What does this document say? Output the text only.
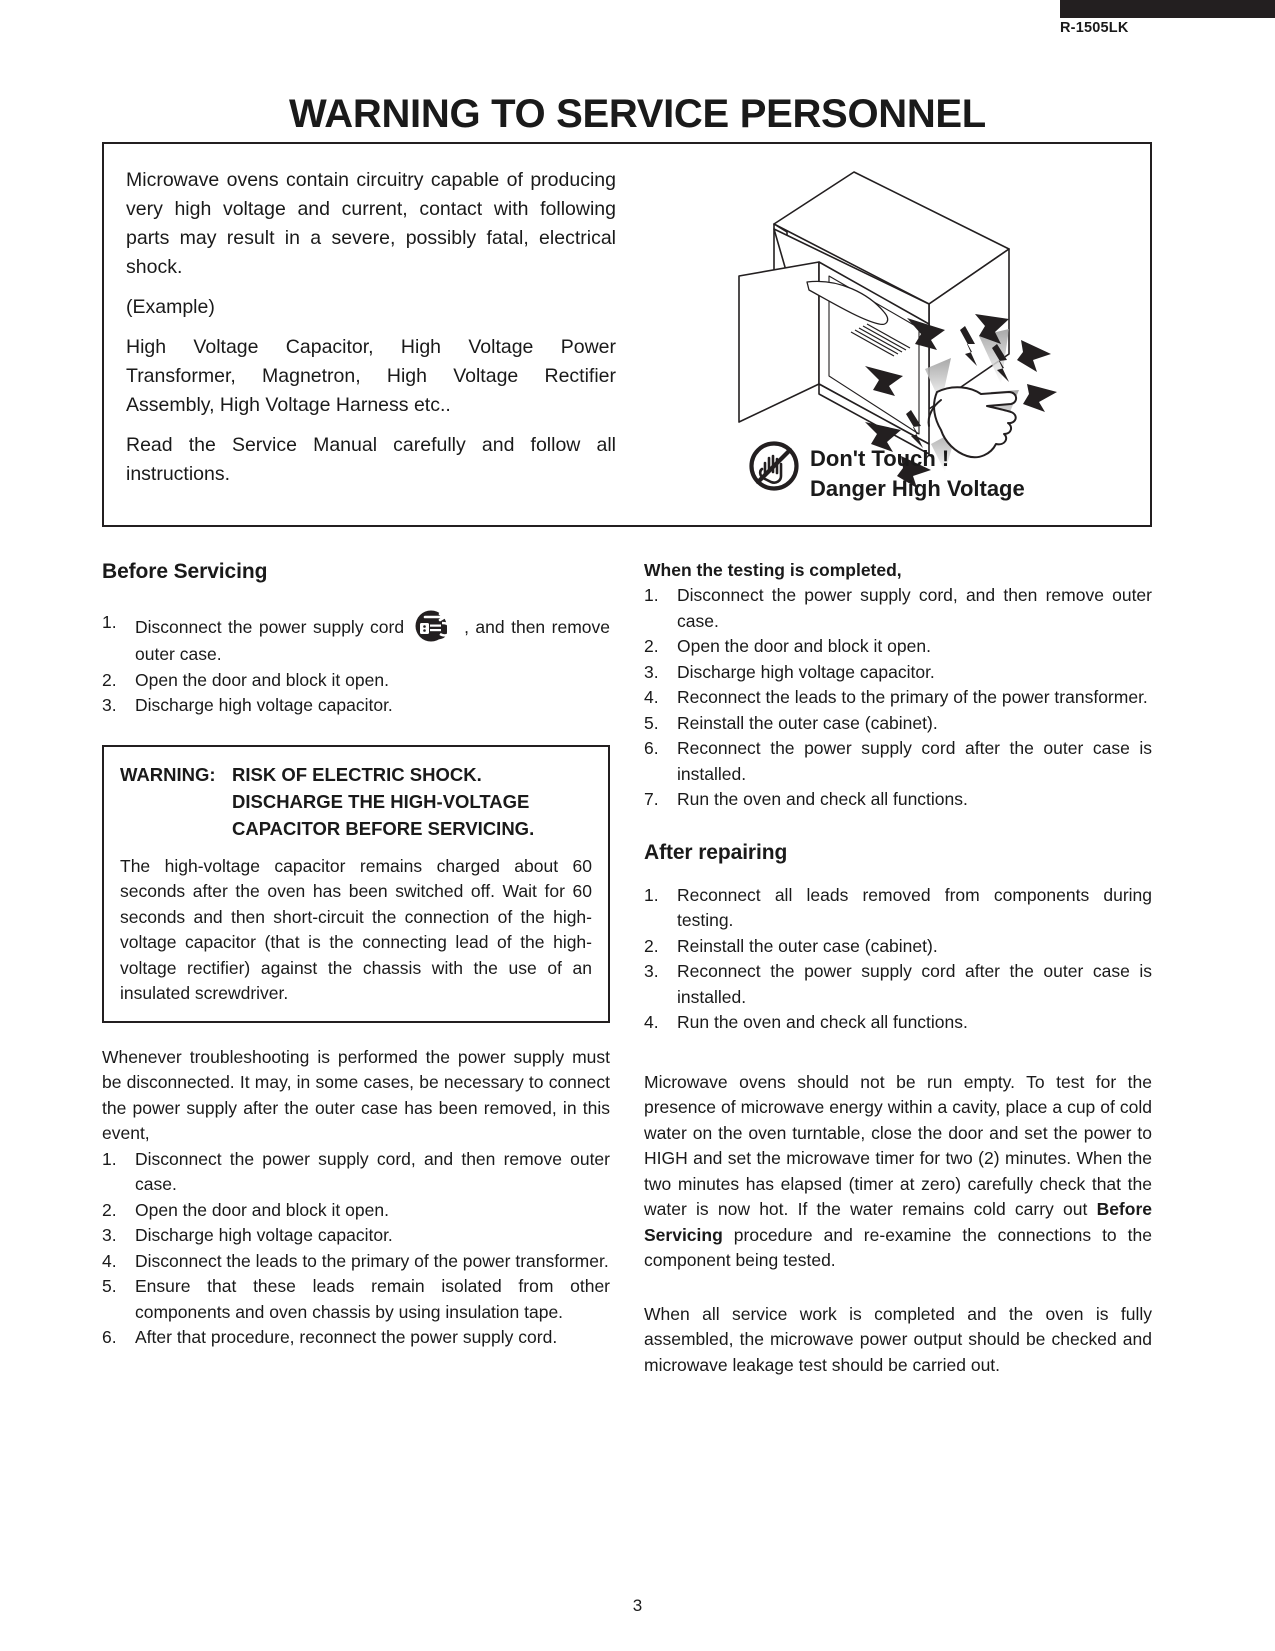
R-1505LK
WARNING TO SERVICE PERSONNEL

Microwave ovens contain circuitry capable of producing very high voltage and current, contact with following parts may result in a severe, possibly fatal, electrical shock.

(Example)

High Voltage Capacitor, High Voltage Power Transformer, Magnetron, High Voltage Rectifier Assembly, High Voltage Harness etc..

Read the Service Manual carefully and follow all instructions.

Don't Touch !
Danger High Voltage
Before Servicing
1. Disconnect the power supply cord	, and then remove outer case.
2. Open the door and block it open.
3. Discharge high voltage capacitor.
WARNING: RISK OF ELECTRIC SHOCK.
DISCHARGE THE HIGH-VOLTAGE
CAPACITOR BEFORE SERVICING.
The high-voltage capacitor remains charged about 60 seconds after the oven has been switched off. Wait for 60 seconds and then short-circuit the connection of the high-voltage capacitor (that is the connecting lead of the high-voltage rectifier) against the chassis with the use of an insulated screwdriver.

Whenever troubleshooting is performed the power supply must be disconnected. It may, in some cases, be necessary to connect the power supply after the outer case has been removed, in this event,

1. Disconnect the power supply cord, and then remove outer case.
2. Open the door and block it open.
3. Discharge high voltage capacitor.
4. Disconnect the leads to the primary of the power transformer.
5. Ensure that these leads remain isolated from other components and oven chassis by using insulation tape.
6. After that procedure, reconnect the power supply cord.
When the testing is completed,
1. Disconnect the power supply cord, and then remove outer case.
2. Open the door and block it open.
3. Discharge high voltage capacitor.
4. Reconnect the leads to the primary of the power transformer.
5. Reinstall the outer case (cabinet).
6. Reconnect the power supply cord after the outer case is installed.
7. Run the oven and check all functions.
After repairing
1. Reconnect all leads removed from components during testing.
2. Reinstall the outer case (cabinet).
3. Reconnect the power supply cord after the outer case is installed.
4. Run the oven and check all functions.

Microwave ovens should not be run empty. To test for the presence of microwave energy within a cavity, place a cup of cold water on the oven turntable, close the door and set the power to HIGH and set the microwave timer for two (2) minutes. When the two minutes has elapsed (timer at zero) carefully check that the water is now hot. If the water remains cold carry out Before Servicing procedure and re-examine the connections to the component being tested.

When all service work is completed and the oven is fully assembled, the microwave power output should be checked and microwave leakage test should be carried out.

3
